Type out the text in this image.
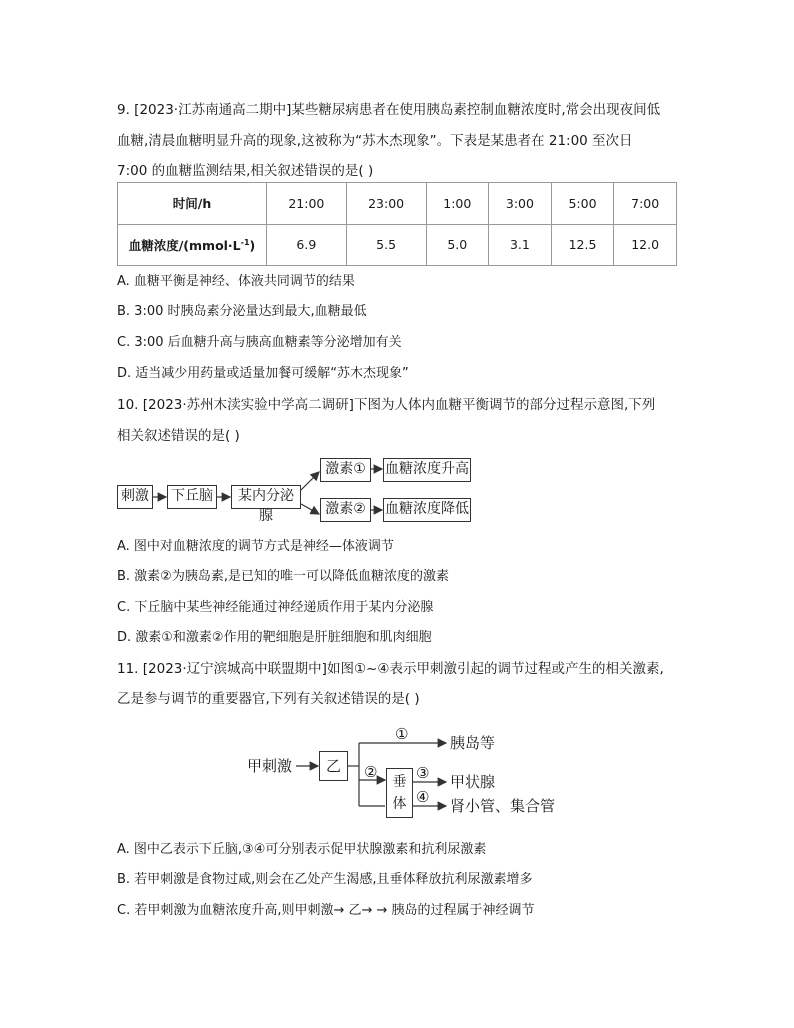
9. [2023·江苏南通高二期中]某些糖尿病患者在使用胰岛素控制血糖浓度时,常会出现夜间低
血糖,清晨血糖明显升高的现象,这被称为“苏木杰现象”。下表是某患者在 21:00 至次日
7:00 的血糖监测结果,相关叙述错误的是( )
时间/h	21:00	23:00	1:00	3:00	5:00	7:00
血糖浓度$/(mmol\cdot L^{-1})$	6.9	5.5	5.0	3.1	12.5	12.0
A. 血糖平衡是神经、体液共同调节的结果
B. 3:00 时胰岛素分泌量达到最大,血糖最低
C. 3:00 后血糖升高与胰高血糖素等分泌增加有关
D. 适当减少用药量或适量加餐可缓解“苏木杰现象”
10. [2023·苏州木渎实验中学高二调研]下图为人体内血糖平衡调节的部分过程示意图,下列
相关叙述错误的是( )
刺激 下丘脑	某内分泌腺
激素①
激素②
血糖浓度升高
血糖浓度降低
A. 图中对血糖浓度的调节方式是神经—体液调节
B. 激素②为胰岛素,是已知的唯一可以降低血糖浓度的激素
C. 下丘脑中某些神经能通过神经递质作用于某内分泌腺
D. 激素①和激素②作用的靶细胞是肝脏细胞和肌肉细胞
11. [2023·辽宁滨城高中联盟期中]如图①~④表示甲刺激引起的调节过程或产生的相关激素,
乙是参与调节的重要器官,下列有关叙述错误的是( )
甲刺激	乙
垂
体
①
②	③
④
胰岛等
甲状腺
肾小管、集合管
A. 图中乙表示下丘脑,③④可分别表示促甲状腺激素和抗利尿激素
B. 若甲刺激是食物过咸,则会在乙处产生渴感,且垂体释放抗利尿激素增多
C. 若甲刺激为血糖浓度升高,则甲刺激→ 乙→ → 胰岛的过程属于神经调节
